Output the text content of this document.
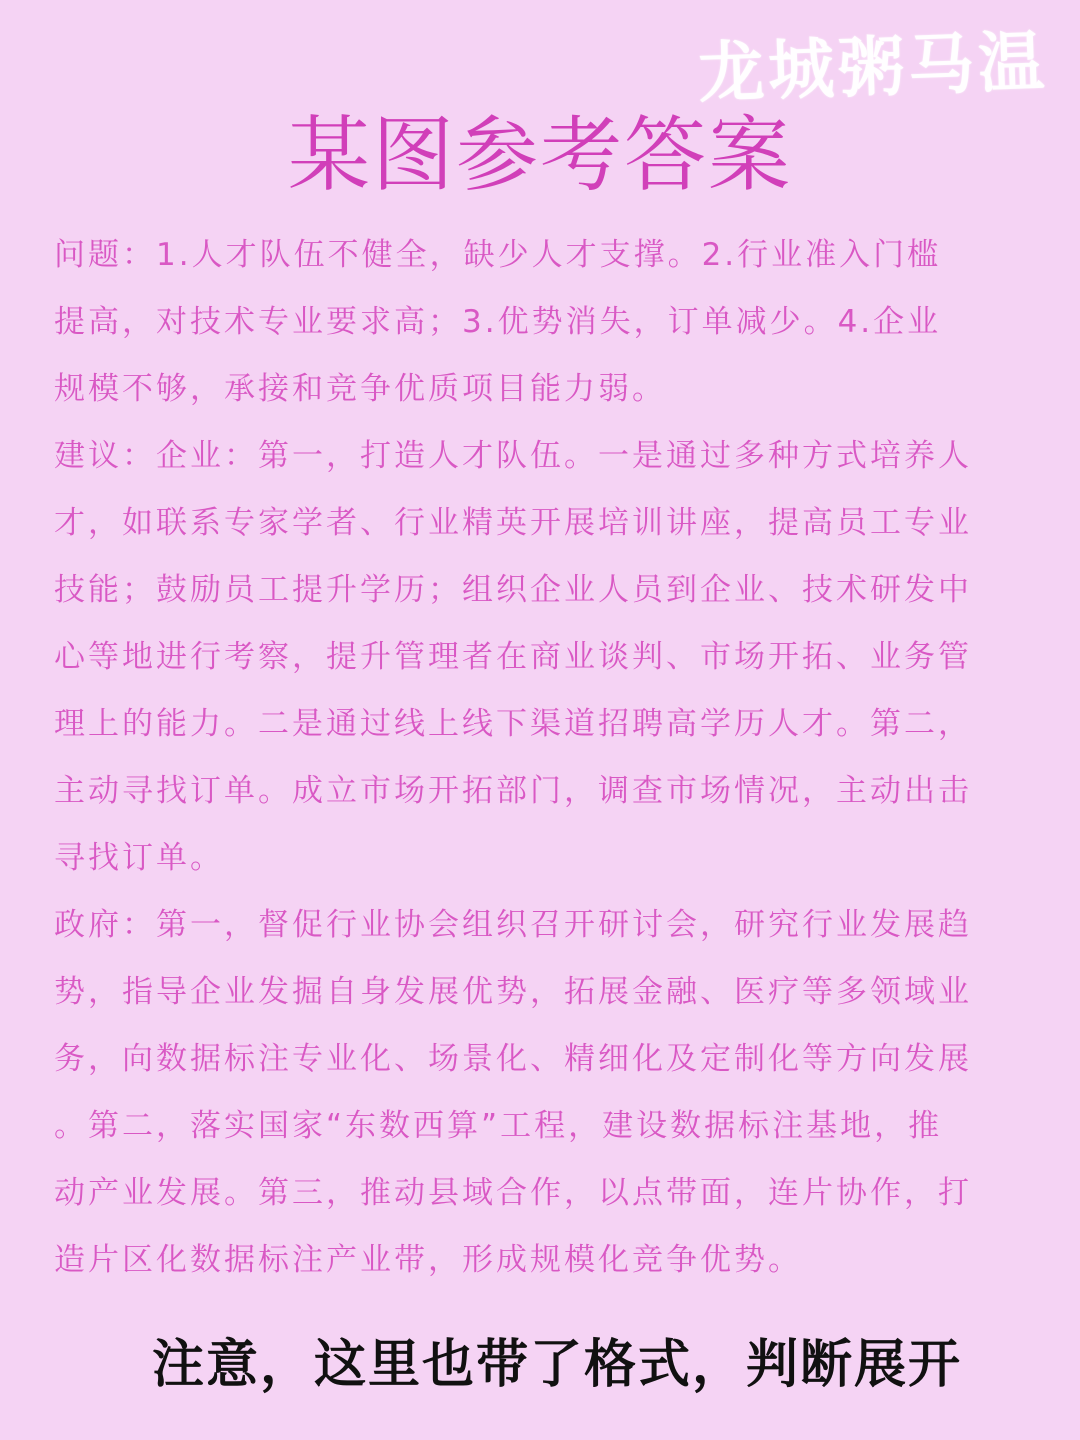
龙城粥马温
某图参考答案
问题：1.人才队伍不健全，缺少人才支撑。2.行业准入门槛
提高，对技术专业要求高；3.优势消失，订单减少。4.企业
规模不够，承接和竞争优质项目能力弱。
建议：企业：第一，打造人才队伍。一是通过多种方式培养人
才，如联系专家学者、行业精英开展培训讲座，提高员工专业
技能；鼓励员工提升学历；组织企业人员到企业、技术研发中
心等地进行考察，提升管理者在商业谈判、市场开拓、业务管
理上的能力。二是通过线上线下渠道招聘高学历人才。第二，
主动寻找订单。成立市场开拓部门，调查市场情况，主动出击
寻找订单。
政府：第一，督促行业协会组织召开研讨会，研究行业发展趋
势，指导企业发掘自身发展优势，拓展金融、医疗等多领域业
务，向数据标注专业化、场景化、精细化及定制化等方向发展
。第二，落实国家“东数西算”工程，建设数据标注基地，推
动产业发展。第三，推动县域合作，以点带面，连片协作，打
造片区化数据标注产业带，形成规模化竞争优势。
注意，这里也带了格式，判断展开
